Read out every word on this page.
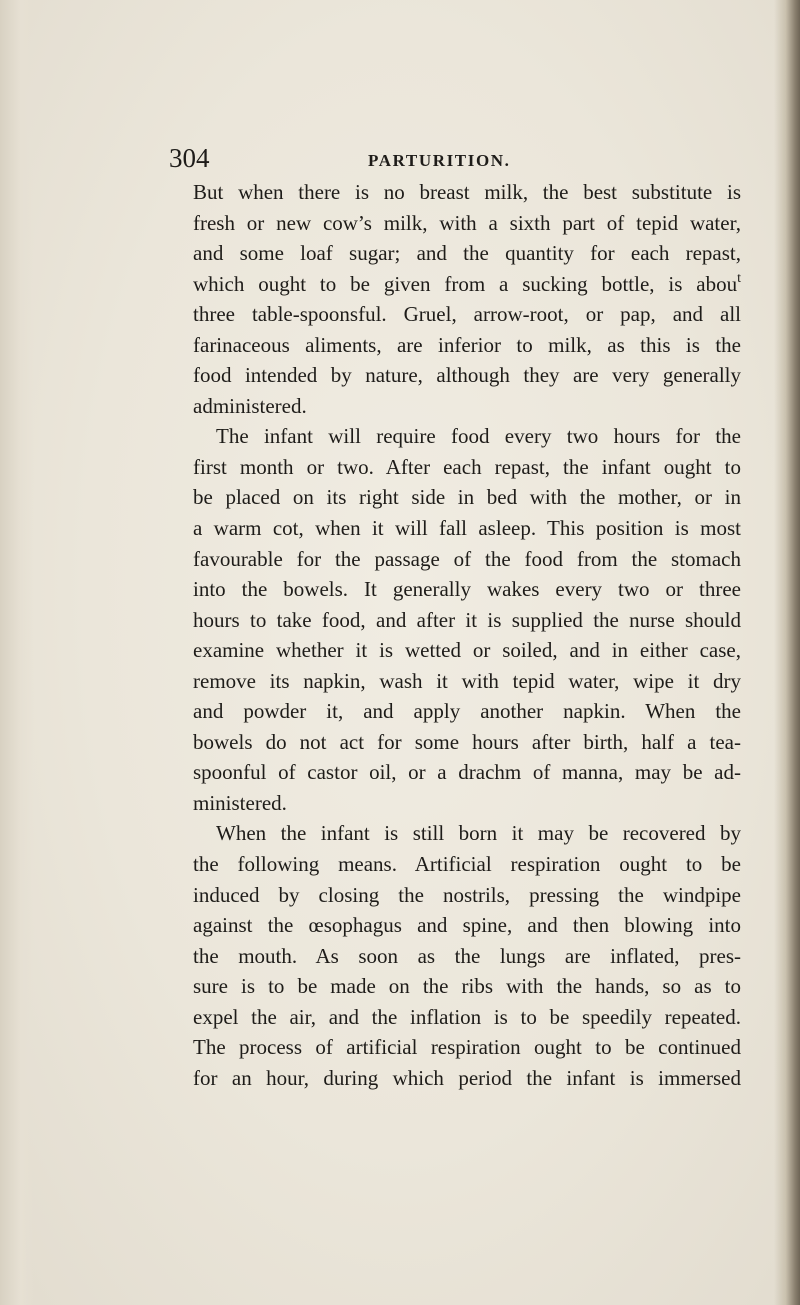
304	PARTURITION.
But when there is no breast milk, the best substitute is
fresh or new cow’s milk, with a sixth part of tepid water,
and some loaf sugar; and the quantity for each repast,
which ought to be given from a sucking bottle, is abou$^t$
three table-spoonsful. Gruel, arrow-root, or pap, and all
farinaceous aliments, are inferior to milk, as this is the
food intended by nature, although they are very generally
administered.
The infant will require food every two hours for the
first month or two. After each repast, the infant ought to
be placed on its right side in bed with the mother, or in
a warm cot, when it will fall asleep. This position is most
favourable for the passage of the food from the stomach
into the bowels. It generally wakes every two or three
hours to take food, and after it is supplied the nurse should
examine whether it is wetted or soiled, and in either case,
remove its napkin, wash it with tepid water, wipe it dry
and powder it, and apply another napkin. When the
bowels do not act for some hours after birth, half a tea-
spoonful of castor oil, or a drachm of manna, may be ad-
ministered.
When the infant is still born it may be recovered by
the following means. Artificial respiration ought to be
induced by closing the nostrils, pressing the windpipe
against the œsophagus and spine, and then blowing into
the mouth. As soon as the lungs are inflated, pres-
sure is to be made on the ribs with the hands, so as to
expel the air, and the inflation is to be speedily repeated.
The process of artificial respiration ought to be continued
for an hour, during which period the infant is immersed
